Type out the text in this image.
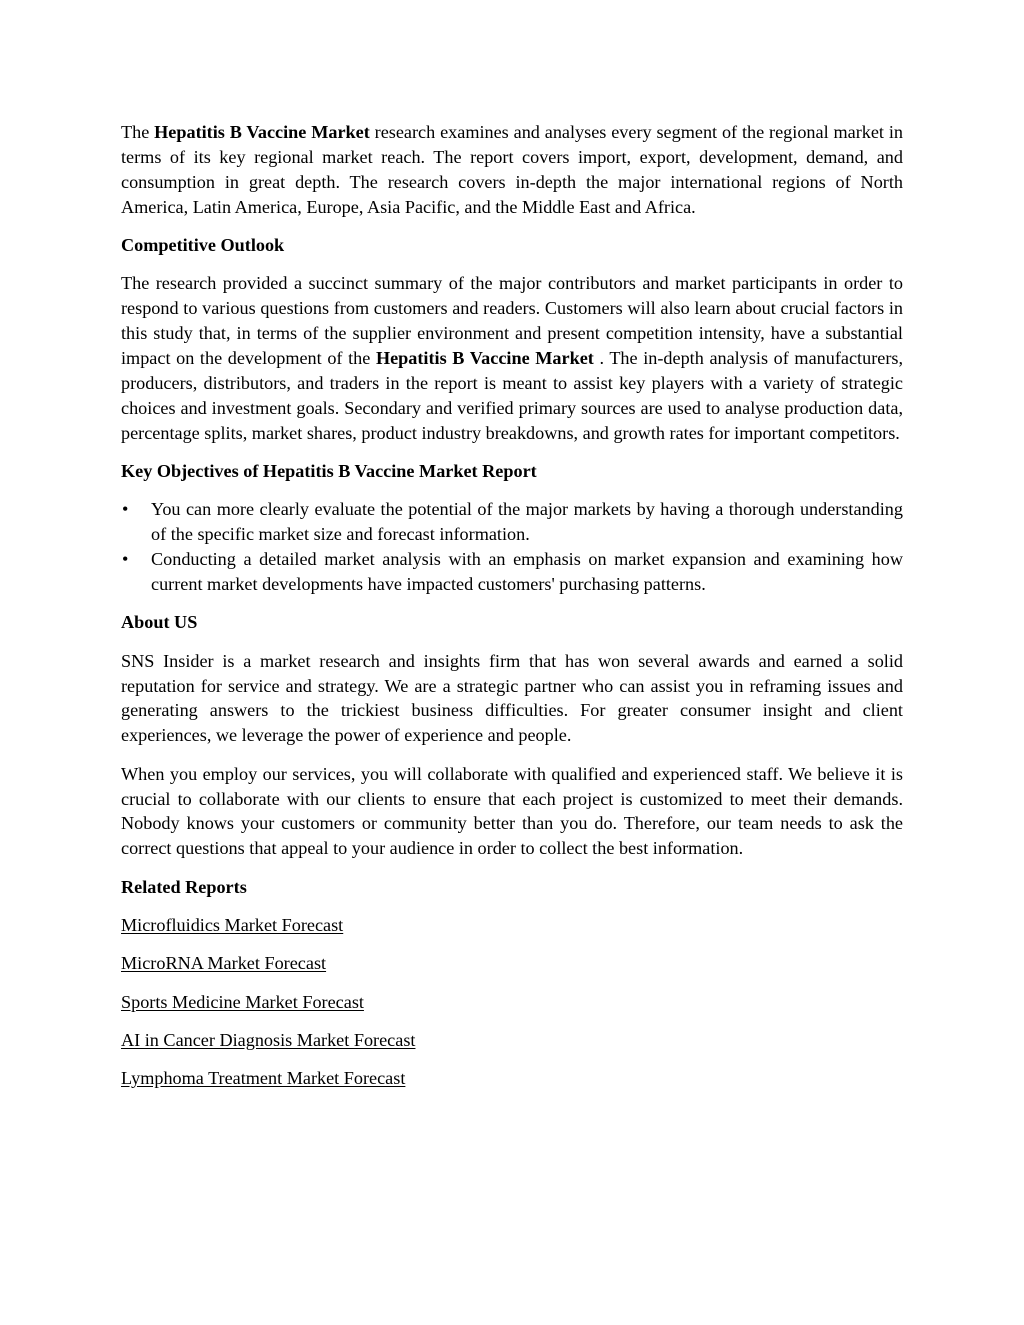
The Hepatitis B Vaccine Market research examines and analyses every segment of the regional market in terms of its key regional market reach. The report covers import, export, development, demand, and consumption in great depth. The research covers in-depth the major international regions of North America, Latin America, Europe, Asia Pacific, and the Middle East and Africa.

Competitive Outlook

The research provided a succinct summary of the major contributors and market participants in order to respond to various questions from customers and readers. Customers will also learn about crucial factors in this study that, in terms of the supplier environment and present competition intensity, have a substantial impact on the development of the Hepatitis B Vaccine Market . The in-depth analysis of manufacturers, producers, distributors, and traders in the report is meant to assist key players with a variety of strategic choices and investment goals. Secondary and verified primary sources are used to analyse production data, percentage splits, market shares, product industry breakdowns, and growth rates for important competitors.

Key Objectives of Hepatitis B Vaccine Market Report

• You can more clearly evaluate the potential of the major markets by having a thorough understanding of the specific market size and forecast information.
• Conducting a detailed market analysis with an emphasis on market expansion and examining how current market developments have impacted customers' purchasing patterns.

About US

SNS Insider is a market research and insights firm that has won several awards and earned a solid reputation for service and strategy. We are a strategic partner who can assist you in reframing issues and generating answers to the trickiest business difficulties. For greater consumer insight and client experiences, we leverage the power of experience and people.

When you employ our services, you will collaborate with qualified and experienced staff. We believe it is crucial to collaborate with our clients to ensure that each project is customized to meet their demands. Nobody knows your customers or community better than you do. Therefore, our team needs to ask the correct questions that appeal to your audience in order to collect the best information.

Related Reports

Microfluidics Market Forecast

MicroRNA Market Forecast

Sports Medicine Market Forecast

AI in Cancer Diagnosis Market Forecast

Lymphoma Treatment Market Forecast
